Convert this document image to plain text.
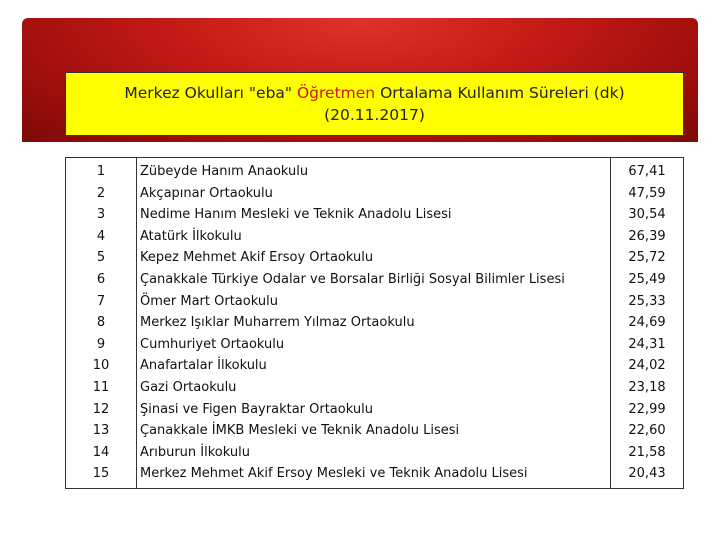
Merkez Okulları "eba" Öğretmen Ortalama Kullanım Süreleri (dk)
(20.11.2017)
1	Zübeyde Hanım Anaokulu	67,41
2	Akçapınar Ortaokulu	47,59
3	Nedime Hanım Mesleki ve Teknik Anadolu Lisesi	30,54
4	Atatürk İlkokulu	26,39
5	Kepez Mehmet Akif Ersoy Ortaokulu	25,72
6	Çanakkale Türkiye Odalar ve Borsalar Birliği Sosyal Bilimler Lisesi	25,49
7	Ömer Mart Ortaokulu	25,33
8	Merkez Işıklar Muharrem Yılmaz Ortaokulu	24,69
9	Cumhuriyet Ortaokulu	24,31
10	Anafartalar İlkokulu	24,02
11	Gazi Ortaokulu	23,18
12	Şinasi ve Figen Bayraktar Ortaokulu	22,99
13	Çanakkale İMKB Mesleki ve Teknik Anadolu Lisesi	22,60
14	Arıburun İlkokulu	21,58
15	Merkez Mehmet Akif Ersoy Mesleki ve Teknik Anadolu Lisesi	20,43
